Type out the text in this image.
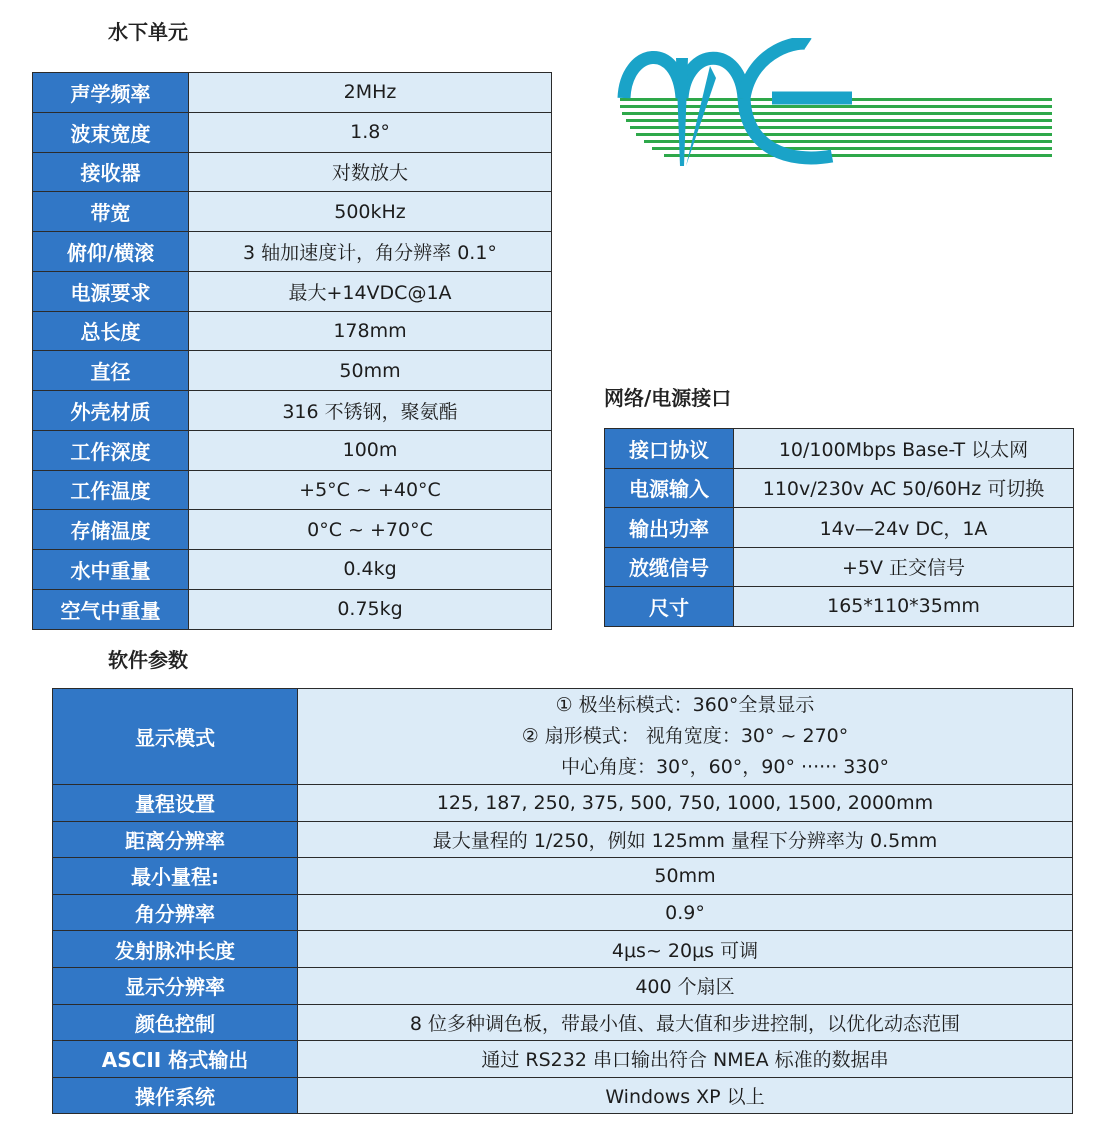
水下单元
网络/电源接口
软件参数
声学频率	2MHz
波束宽度	1.8°
接收器	对数放大
带宽	500kHz
俯仰/横滚	3 轴加速度计，角分辨率 0.1°
电源要求	最大+14VDC@1A
总长度	178mm
直径	50mm
外壳材质	316 不锈钢，聚氨酯
工作深度	100m
工作温度	+5°C ~ +40°C
存储温度	0°C ~ +70°C
水中重量	0.4kg
空气中重量	0.75kg
接口协议	10/100Mbps Base-T 以太网
电源输入	110v/230v AC 50/60Hz 可切换
输出功率	14v—24v DC，1A
放缆信号	+5V 正交信号
尺寸	165*110*35mm
显示模式	① 极坐标模式：360°全景显示
② 扇形模式： 视角宽度：30° ~ 270°
中心角度：30°，60°，90° ······ 330°

量程设置	125, 187, 250, 375, 500, 750, 1000, 1500, 2000mm
距离分辨率	最大量程的 1/250，例如 125mm 量程下分辨率为 0.5mm
最小量程:	50mm
角分辨率	0.9°
发射脉冲长度	4μs~ 20μs 可调
显示分辨率	400 个扇区
颜色控制	8 位多种调色板，带最小值、最大值和步进控制，以优化动态范围
ASCII 格式输出	通过 RS232 串口输出符合 NMEA 标准的数据串
操作系统	Windows XP 以上
